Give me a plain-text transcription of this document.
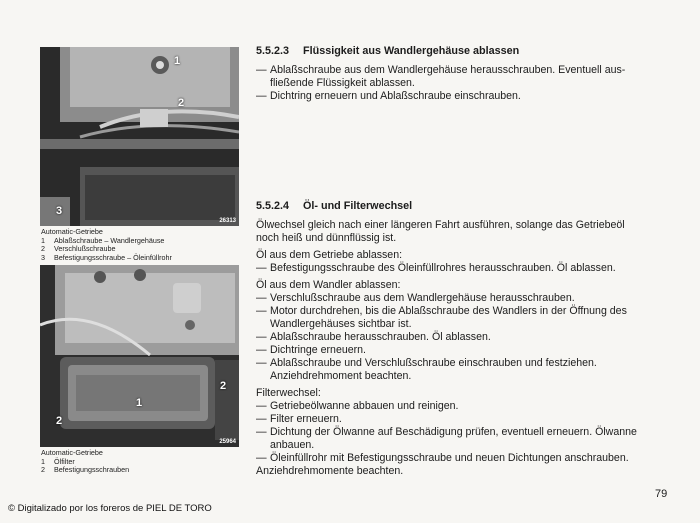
1
2
3
26313
Automatic-Getriebe
1	Ablaßschraube – Wandlergehäuse
2	Verschlußschraube
3	Befestigungsschraube – Öleinfüllrohr
1
2
2
25964
Automatic-Getriebe
1	Ölfilter
2	Befestigungsschrauben
5.5.2.3	Flüssigkeit aus Wandlergehäuse ablassen
— Ablaßschraube aus dem Wandlergehäuse herausschrauben. Eventuell aus-
fließende Flüssigkeit ablassen.
— Dichtring erneuern und Ablaßschraube einschrauben.
5.5.2.4	Öl- und Filterwechsel

Ölwechsel gleich nach einer längeren Fahrt ausführen, solange das Getriebeöl
noch heiß und dünnflüssig ist.

Öl aus dem Getriebe ablassen:
— Befestigungsschraube des Öleinfüllrohres herausschrauben. Öl ablassen.
Öl aus dem Wandler ablassen:
— Verschlußschraube aus dem Wandlergehäuse herausschrauben.
— Motor durchdrehen, bis die Ablaßschraube des Wandlers in der Öffnung des
Wandlergehäuses sichtbar ist.
— Ablaßschraube herausschrauben. Öl ablassen.
— Dichtringe erneuern.
— Ablaßschraube und Verschlußschraube einschrauben und festziehen.
Anziehdrehmoment beachten.
Filterwechsel:
— Getriebeölwanne abbauen und reinigen.
— Filter erneuern.
— Dichtung der Ölwanne auf Beschädigung prüfen, eventuell erneuern. Ölwanne
anbauen.
— Öleinfüllrohr mit Befestigungsschraube und neuen Dichtungen anschrauben.
Anziehdrehmomente beachten.
79
© Digitalizado por los foreros de PIEL DE TORO
